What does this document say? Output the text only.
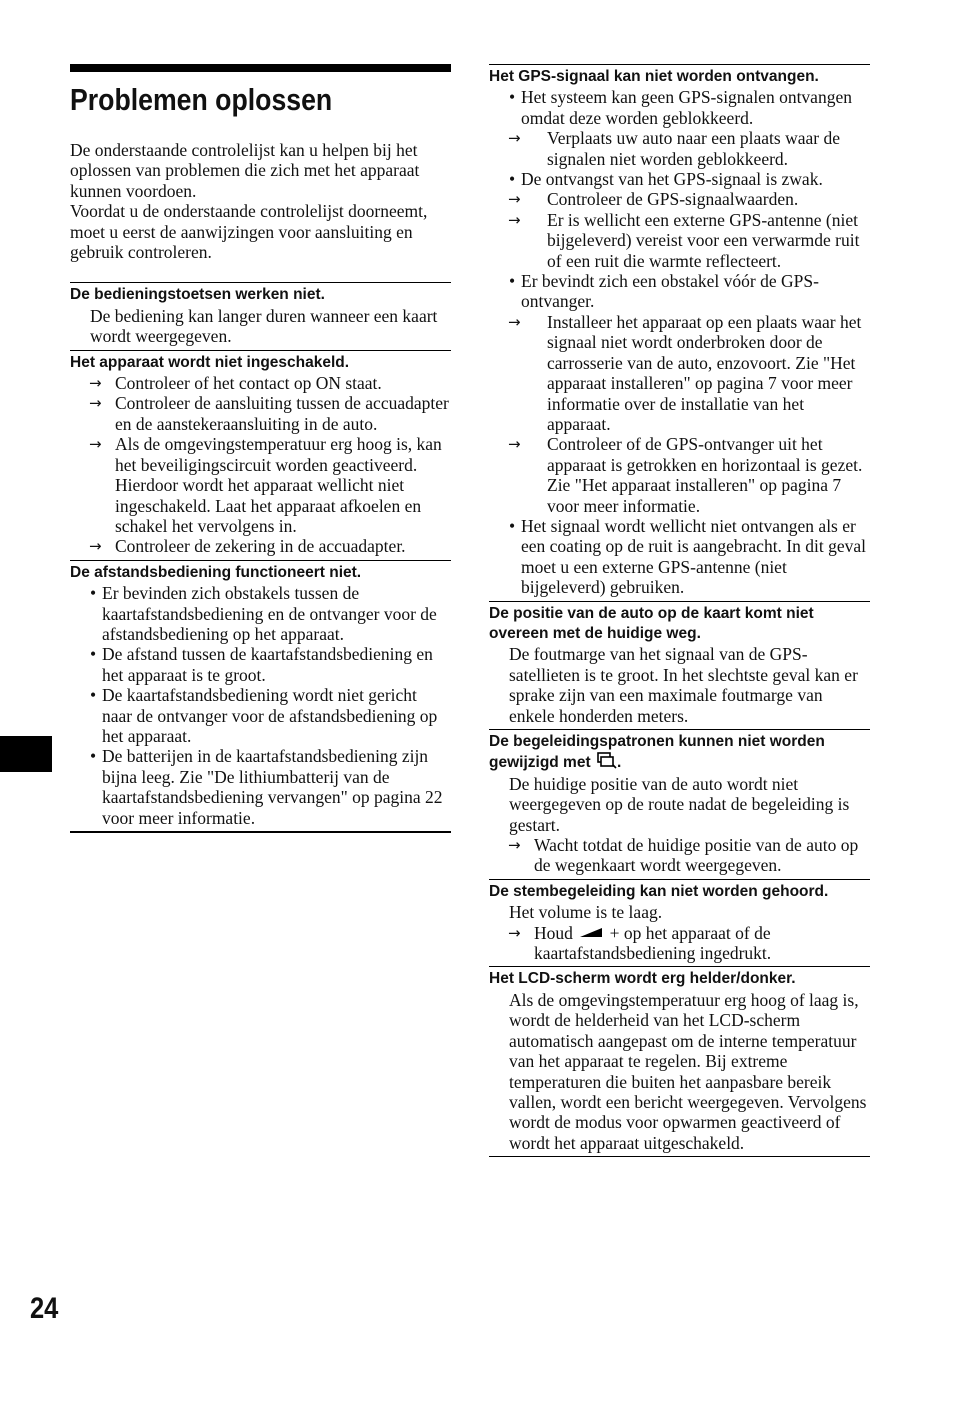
Problemen oplossen

De onderstaande controlelijst kan u helpen bij het oplossen van problemen die zich met het apparaat kunnen voordoen.

Voordat u de onderstaande controlelijst doorneemt, moet u eerst de aanwijzingen voor aansluiting en gebruik controleren.

De bedieningstoetsen werken niet.
De bediening kan langer duren wanneer een kaart wordt weergegeven.
Het apparaat wordt niet ingeschakeld.
→ Controleer of het contact op ON staat.
→ Controleer de aansluiting tussen de accuadapter en de aanstekeraansluiting in de auto.
→ Als de omgevingstemperatuur erg hoog is, kan het beveiligingscircuit worden geactiveerd. Hierdoor wordt het apparaat wellicht niet ingeschakeld. Laat het apparaat afkoelen en schakel het vervolgens in.
→ Controleer de zekering in de accuadapter.
De afstandsbediening functioneert niet.
• Er bevinden zich obstakels tussen de kaartafstandsbediening en de ontvanger voor de afstandsbediening op het apparaat.
• De afstand tussen de kaartafstandsbediening en het apparaat is te groot.
• De kaartafstandsbediening wordt niet gericht naar de ontvanger voor de afstandsbediening op het apparaat.
• De batterijen in de kaartafstandsbediening zijn bijna leeg. Zie "De lithiumbatterij van de kaartafstandsbediening vervangen" op pagina 22 voor meer informatie.
Het GPS-signaal kan niet worden ontvangen.
• Het systeem kan geen GPS-signalen ontvangen omdat deze worden geblokkeerd.
→ Verplaats uw auto naar een plaats waar de signalen niet worden geblokkeerd.
• De ontvangst van het GPS-signaal is zwak.
→ Controleer de GPS-signaalwaarden.
→ Er is wellicht een externe GPS-antenne (niet bijgeleverd) vereist voor een verwarmde ruit of een ruit die warmte reflecteert.
• Er bevindt zich een obstakel vóór de GPS-ontvanger.
→ Installeer het apparaat op een plaats waar het signaal niet wordt onderbroken door de carrosserie van de auto, enzovoort. Zie "Het apparaat installeren" op pagina 7 voor meer informatie over de installatie van het apparaat.
→ Controleer of de GPS-ontvanger uit het apparaat is getrokken en horizontaal is gezet. Zie "Het apparaat installeren" op pagina 7 voor meer informatie.
• Het signaal wordt wellicht niet ontvangen als er een coating op de ruit is aangebracht. In dit geval moet u een externe GPS-antenne (niet bijgeleverd) gebruiken.
De positie van de auto op de kaart komt niet overeen met de huidige weg.
De foutmarge van het signaal van de GPS-satellieten is te groot. In het slechtste geval kan er sprake zijn van een maximale foutmarge van enkele honderden meters.
De begeleidingspatronen kunnen niet worden gewijzigd met .
De huidige positie van de auto wordt niet weergegeven op de route nadat de begeleiding is gestart.
→ Wacht totdat de huidige positie van de auto op de wegenkaart wordt weergegeven.
De stembegeleiding kan niet worden gehoord.
Het volume is te laag.
→ Houd + op het apparaat of de kaartafstandsbediening ingedrukt.
Het LCD-scherm wordt erg helder/donker.
Als de omgevingstemperatuur erg hoog of laag is, wordt de helderheid van het LCD-scherm automatisch aangepast om de interne temperatuur van het apparaat te regelen. Bij extreme temperaturen die buiten het aanpasbare bereik vallen, wordt een bericht weergegeven. Vervolgens wordt de modus voor opwarmen geactiveerd of wordt het apparaat uitgeschakeld.
24
